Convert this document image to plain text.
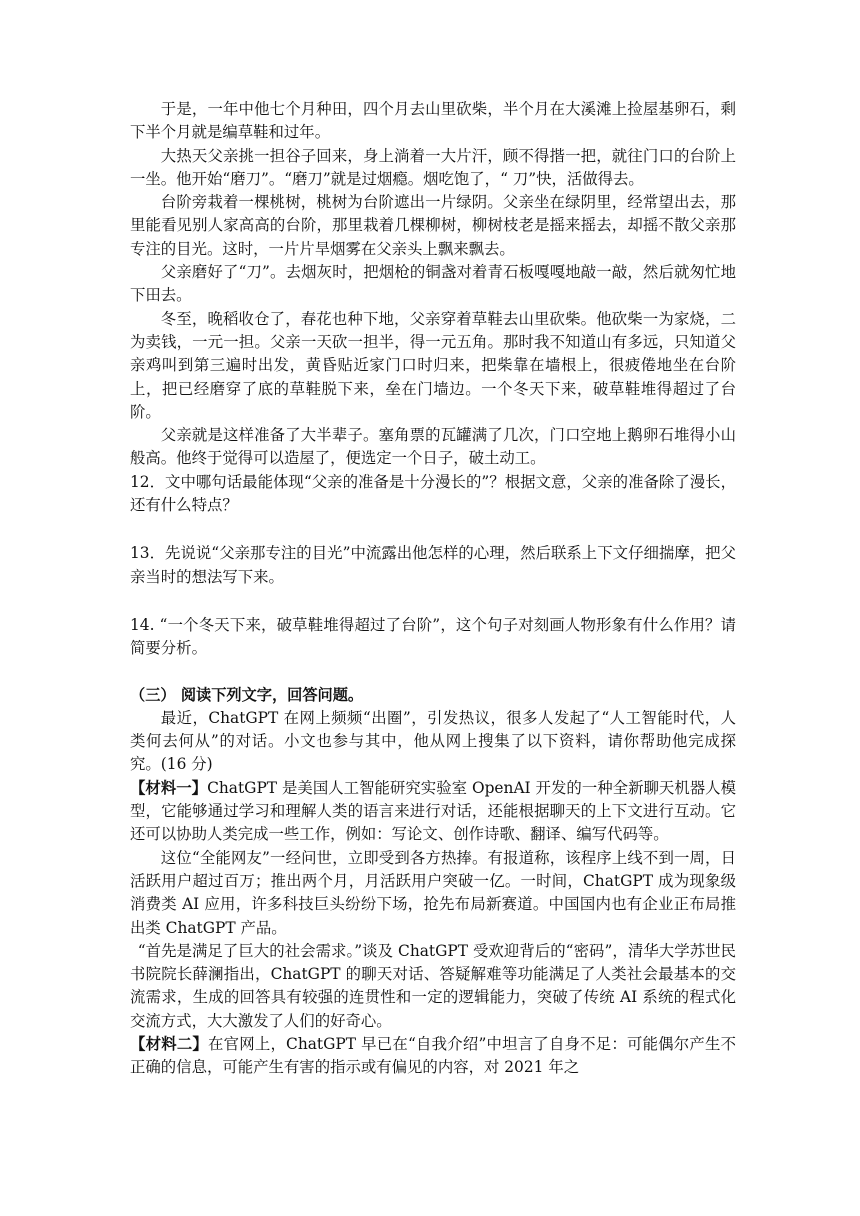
于是，一年中他七个月种田，四个月去山里砍柴，半个月在大溪滩上捡屋基卵石，剩下半个月就是编草鞋和过年。

大热天父亲挑一担谷子回来，身上淌着一大片汗，顾不得揩一把，就往门口的台阶上一坐。他开始“磨刀”。“磨刀”就是过烟瘾。烟吃饱了，“ 刀”快，活做得去。

台阶旁栽着一棵桃树，桃树为台阶遮出一片绿阴。父亲坐在绿阴里，经常望出去，那里能看见别人家高高的台阶，那里栽着几棵柳树，柳树枝老是摇来摇去，却摇不散父亲那专注的目光。这时，一片片旱烟雾在父亲头上飘来飘去。

父亲磨好了“刀”。去烟灰时，把烟枪的铜盏对着青石板嘎嘎地敲一敲，然后就匆忙地下田去。

冬至，晚稻收仓了，春花也种下地，父亲穿着草鞋去山里砍柴。他砍柴一为家烧，二为卖钱，一元一担。父亲一天砍一担半，得一元五角。那时我不知道山有多远，只知道父亲鸡叫到第三遍时出发，黄昏贴近家门口时归来，把柴靠在墙根上，很疲倦地坐在台阶上，把已经磨穿了底的草鞋脱下来，垒在门墙边。一个冬天下来，破草鞋堆得超过了台阶。

父亲就是这样准备了大半辈子。塞角票的瓦罐满了几次，门口空地上鹅卵石堆得小山般高。他终于觉得可以造屋了，便选定一个日子，破土动工。

12．文中哪句话最能体现“父亲的准备是十分漫长的”？根据文意，父亲的准备除了漫长，还有什么特点？

13．先说说“父亲那专注的目光”中流露出他怎样的心理，然后联系上下文仔细揣摩，把父亲当时的想法写下来。

14. “一个冬天下来，破草鞋堆得超过了台阶”，这个句子对刻画人物形象有什么作用？请简要分析。

（三） 阅读下列文字，回答问题。

最近，ChatGPT 在网上频频“出圈”，引发热议，很多人发起了“人工智能时代，人类何去何从”的对话。小文也参与其中，他从网上搜集了以下资料，请你帮助他完成探究。(16 分)

【材料一】ChatGPT 是美国人工智能研究实验室 OpenAI 开发的一种全新聊天机器人模型，它能够通过学习和理解人类的语言来进行对话，还能根据聊天的上下文进行互动。它还可以协助人类完成一些工作，例如：写论文、创作诗歌、翻译、编写代码等。

这位“全能网友”一经问世，立即受到各方热捧。有报道称，该程序上线不到一周，日活跃用户超过百万；推出两个月，月活跃用户突破一亿。一时间，ChatGPT 成为现象级消费类 AI 应用，许多科技巨头纷纷下场，抢先布局新赛道。中国国内也有企业正布局推出类 ChatGPT 产品。

“首先是满足了巨大的社会需求。”谈及 ChatGPT 受欢迎背后的“密码”，清华大学苏世民书院院长薛澜指出，ChatGPT 的聊天对话、答疑解难等功能满足了人类社会最基本的交流需求，生成的回答具有较强的连贯性和一定的逻辑能力，突破了传统 AI 系统的程式化交流方式，大大激发了人们的好奇心。

【材料二】在官网上，ChatGPT 早已在“自我介绍”中坦言了自身不足：可能偶尔产生不正确的信息，可能产生有害的指示或有偏见的内容，对 2021 年之
